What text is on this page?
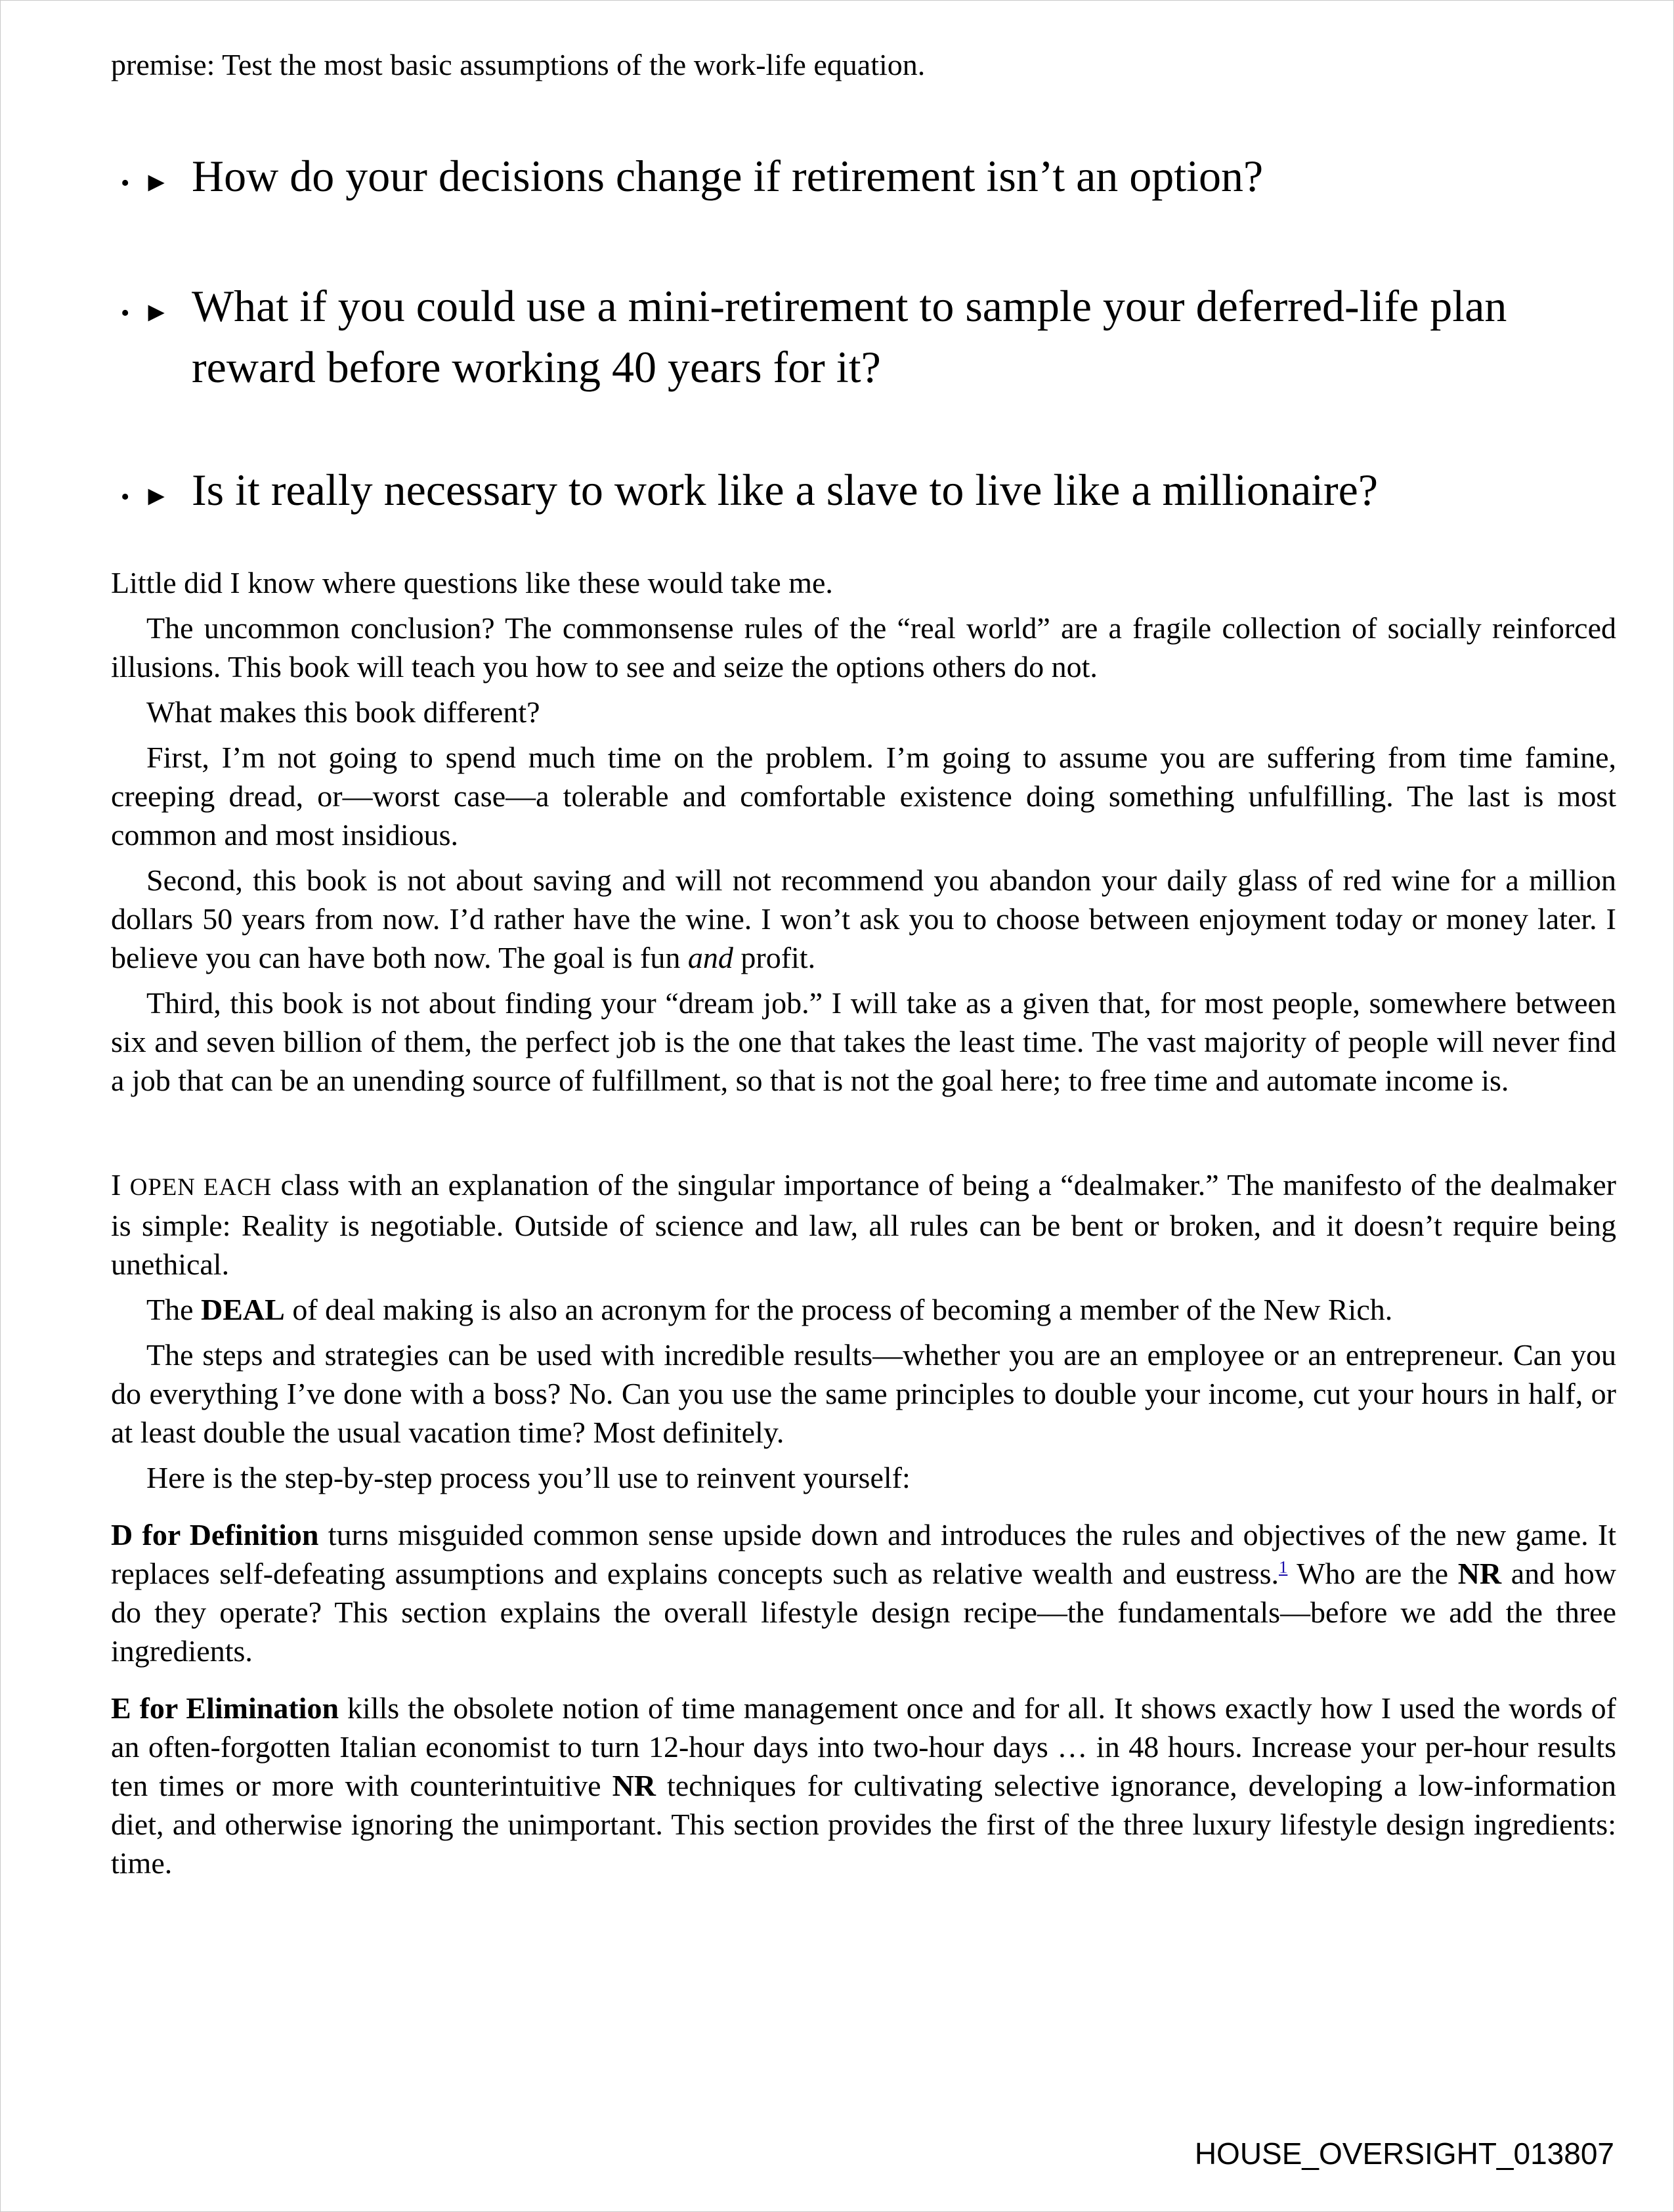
premise: Test the most basic assumptions of the work-life equation.

• ► How do your decisions change if retirement isn’t an option?
• ► What if you could use a mini-retirement to sample your deferred-life plan reward before working 40 years for it?
• ► Is it really necessary to work like a slave to live like a millionaire?

Little did I know where questions like these would take me.

The uncommon conclusion? The commonsense rules of the “real world” are a fragile collection of socially reinforced illusions. This book will teach you how to see and seize the options others do not.

What makes this book different?

First, I’m not going to spend much time on the problem. I’m going to assume you are suffering from time famine, creeping dread, or—worst case—a tolerable and comfortable existence doing something unfulfilling. The last is most common and most insidious.

Second, this book is not about saving and will not recommend you abandon your daily glass of red wine for a million dollars 50 years from now. I’d rather have the wine. I won’t ask you to choose between enjoyment today or money later. I believe you can have both now. The goal is fun and profit.

Third, this book is not about finding your “dream job.” I will take as a given that, for most people, somewhere between six and seven billion of them, the perfect job is the one that takes the least time. The vast majority of people will never find a job that can be an unending source of fulfillment, so that is not the goal here; to free time and automate income is.

I OPEN EACH class with an explanation of the singular importance of being a “dealmaker.” The manifesto of the dealmaker is simple: Reality is negotiable. Outside of science and law, all rules can be bent or broken, and it doesn’t require being unethical.

The DEAL of deal making is also an acronym for the process of becoming a member of the New Rich.

The steps and strategies can be used with incredible results—whether you are an employee or an entrepreneur. Can you do everything I’ve done with a boss? No. Can you use the same principles to double your income, cut your hours in half, or at least double the usual vacation time? Most definitely.

Here is the step-by-step process you’ll use to reinvent yourself:

D for Definition turns misguided common sense upside down and introduces the rules and objectives of the new game. It replaces self-defeating assumptions and explains concepts such as relative wealth and eustress.$^1$ Who are the NR and how do they operate? This section explains the overall lifestyle design recipe—the fundamentals—before we add the three ingredients.

E for Elimination kills the obsolete notion of time management once and for all. It shows exactly how I used the words of an often-forgotten Italian economist to turn 12-hour days into two-hour days … in 48 hours. Increase your per-hour results ten times or more with counterintuitive NR techniques for cultivating selective ignorance, developing a low-information diet, and otherwise ignoring the unimportant. This section provides the first of the three luxury lifestyle design ingredients: time.

HOUSE_OVERSIGHT_013807
